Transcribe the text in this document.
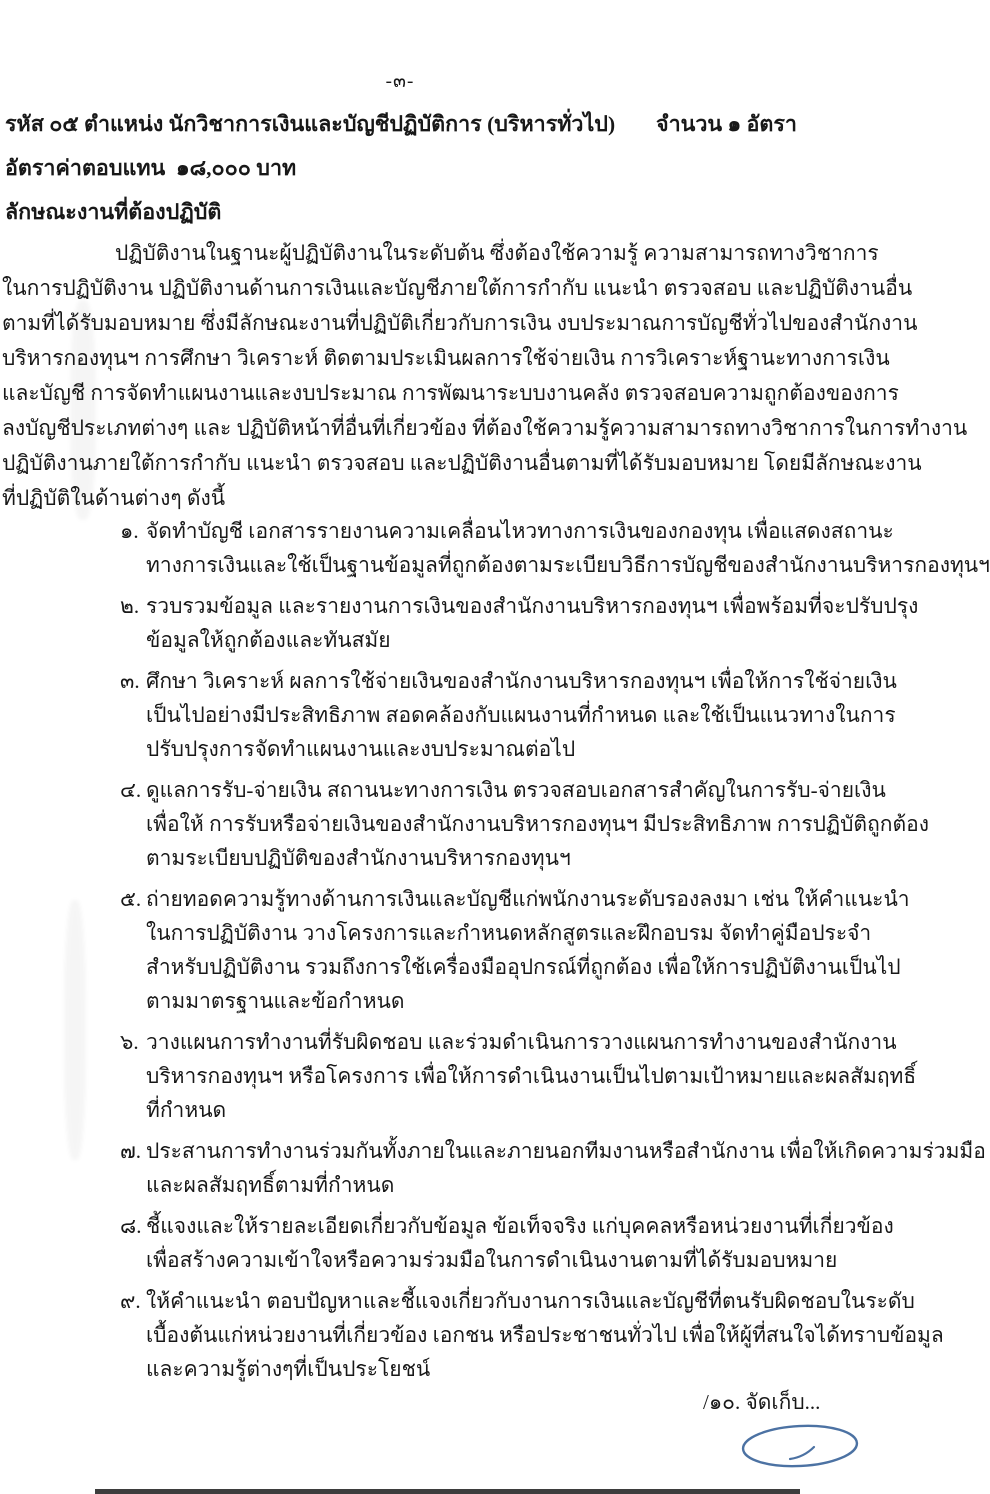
-๓-
รหัส ๐๕ ตำแหน่ง นักวิชาการเงินและบัญชีปฏิบัติการ (บริหารทั่วไป) จำนวน ๑ อัตรา
อัตราค่าตอบแทน  ๑๘,๐๐๐ บาท
ลักษณะงานที่ต้องปฏิบัติ
ปฏิบัติงานในฐานะผู้ปฏิบัติงานในระดับต้น ซึ่งต้องใช้ความรู้ ความสามารถทางวิชาการ
ในการปฏิบัติงาน ปฏิบัติงานด้านการเงินและบัญชีภายใต้การกำกับ แนะนำ ตรวจสอบ และปฏิบัติงานอื่น
ตามที่ได้รับมอบหมาย ซึ่งมีลักษณะงานที่ปฏิบัติเกี่ยวกับการเงิน งบประมาณการบัญชีทั่วไปของสำนักงาน
บริหารกองทุนฯ การศึกษา วิเคราะห์ ติดตามประเมินผลการใช้จ่ายเงิน การวิเคราะห์ฐานะทางการเงิน
และบัญชี การจัดทำแผนงานและงบประมาณ การพัฒนาระบบงานคลัง ตรวจสอบความถูกต้องของการ
ลงบัญชีประเภทต่างๆ และ ปฏิบัติหน้าที่อื่นที่เกี่ยวข้อง ที่ต้องใช้ความรู้ความสามารถทางวิชาการในการทำงาน
ปฏิบัติงานภายใต้การกำกับ แนะนำ ตรวจสอบ และปฏิบัติงานอื่นตามที่ได้รับมอบหมาย โดยมีลักษณะงาน
ที่ปฏิบัติในด้านต่างๆ ดังนี้
๑. จัดทำบัญชี เอกสารรายงานความเคลื่อนไหวทางการเงินของกองทุน เพื่อแสดงสถานะ
ทางการเงินและใช้เป็นฐานข้อมูลที่ถูกต้องตามระเบียบวิธีการบัญชีของสำนักงานบริหารกองทุนฯ
๒. รวบรวมข้อมูล และรายงานการเงินของสำนักงานบริหารกองทุนฯ เพื่อพร้อมที่จะปรับปรุง
ข้อมูลให้ถูกต้องและทันสมัย
๓. ศึกษา วิเคราะห์ ผลการใช้จ่ายเงินของสำนักงานบริหารกองทุนฯ เพื่อให้การใช้จ่ายเงิน
เป็นไปอย่างมีประสิทธิภาพ สอดคล้องกับแผนงานที่กำหนด และใช้เป็นแนวทางในการ
ปรับปรุงการจัดทำแผนงานและงบประมาณต่อไป
๔. ดูแลการรับ-จ่ายเงิน สถานนะทางการเงิน ตรวจสอบเอกสารสำคัญในการรับ-จ่ายเงิน
เพื่อให้ การรับหรือจ่ายเงินของสำนักงานบริหารกองทุนฯ มีประสิทธิภาพ การปฏิบัติถูกต้อง
ตามระเบียบปฏิบัติของสำนักงานบริหารกองทุนฯ
๕. ถ่ายทอดความรู้ทางด้านการเงินและบัญชีแก่พนักงานระดับรองลงมา เช่น ให้คำแนะนำ
ในการปฏิบัติงาน วางโครงการและกำหนดหลักสูตรและฝึกอบรม จัดทำคู่มือประจำ
สำหรับปฏิบัติงาน รวมถึงการใช้เครื่องมืออุปกรณ์ที่ถูกต้อง เพื่อให้การปฏิบัติงานเป็นไป
ตามมาตรฐานและข้อกำหนด
๖. วางแผนการทำงานที่รับผิดชอบ และร่วมดำเนินการวางแผนการทำงานของสำนักงาน
บริหารกองทุนฯ หรือโครงการ เพื่อให้การดำเนินงานเป็นไปตามเป้าหมายและผลสัมฤทธิ์
ที่กำหนด
๗. ประสานการทำงานร่วมกันทั้งภายในและภายนอกทีมงานหรือสำนักงาน เพื่อให้เกิดความร่วมมือ
และผลสัมฤทธิ์ตามที่กำหนด
๘. ชี้แจงและให้รายละเอียดเกี่ยวกับข้อมูล ข้อเท็จจริง แก่บุคคลหรือหน่วยงานที่เกี่ยวข้อง
เพื่อสร้างความเข้าใจหรือความร่วมมือในการดำเนินงานตามที่ได้รับมอบหมาย
๙. ให้คำแนะนำ ตอบปัญหาและชี้แจงเกี่ยวกับงานการเงินและบัญชีที่ตนรับผิดชอบในระดับ
เบื้องต้นแก่หน่วยงานที่เกี่ยวข้อง เอกชน หรือประชาชนทั่วไป เพื่อให้ผู้ที่สนใจได้ทราบข้อมูล
และความรู้ต่างๆที่เป็นประโยชน์
/๑๐. จัดเก็บ...
